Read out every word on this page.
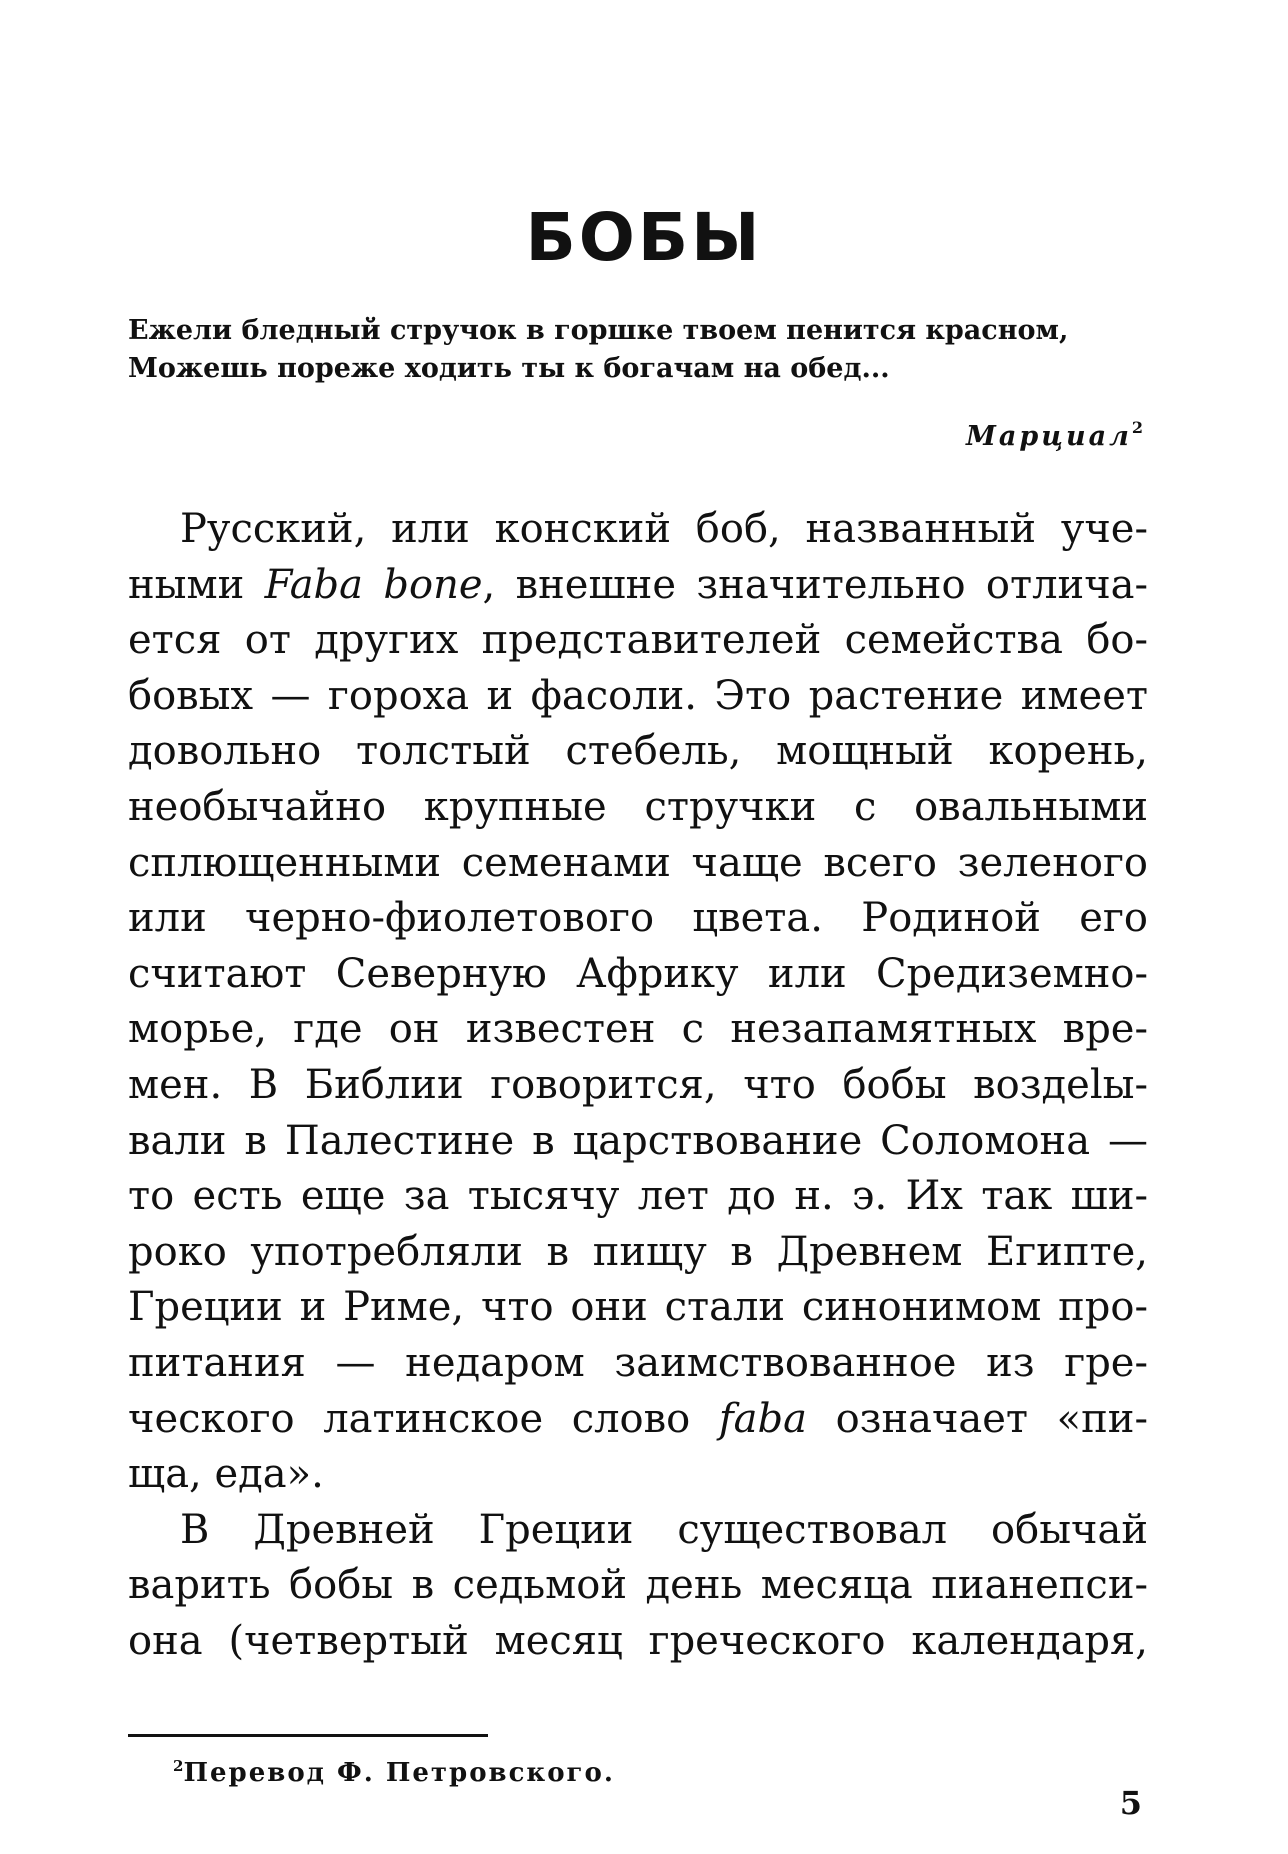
БОБЫ
Ежели бледный стручок в горшке твоем пенится красном,
Можешь пореже ходить ты к богачам на обед...
Марциал$^2$
Русский, или конский боб, названный уче-
ными Faba bone, внешне значительно отлича-
ется от других представителей семейства бо-
бовых — гороха и фасоли. Это растение имеет
довольно толстый стебель, мощный корень,
необычайно крупные стручки с овальными
сплющенными семенами чаще всего зеленого
или черно-фиолетового цвета. Родиной его
считают Северную Африку или Средиземно-
морье, где он известен с незапамятных вре-
мен. В Библии говорится, что бобы воздelы-
вали в Палестине в царствование Соломона —
то есть еще за тысячу лет до н. э. Их так ши-
роко употребляли в пищу в Древнем Египте,
Греции и Риме, что они стали синонимом про-
питания — недаром заимствованное из гре-
ческого латинское слово faba означает «пи-
ща, еда».
В Древней Греции существовал обычай
варить бобы в седьмой день месяца пианепси-
она (четвертый месяц греческого календаря,
$^2$Перевод Ф. Петровского.
5
